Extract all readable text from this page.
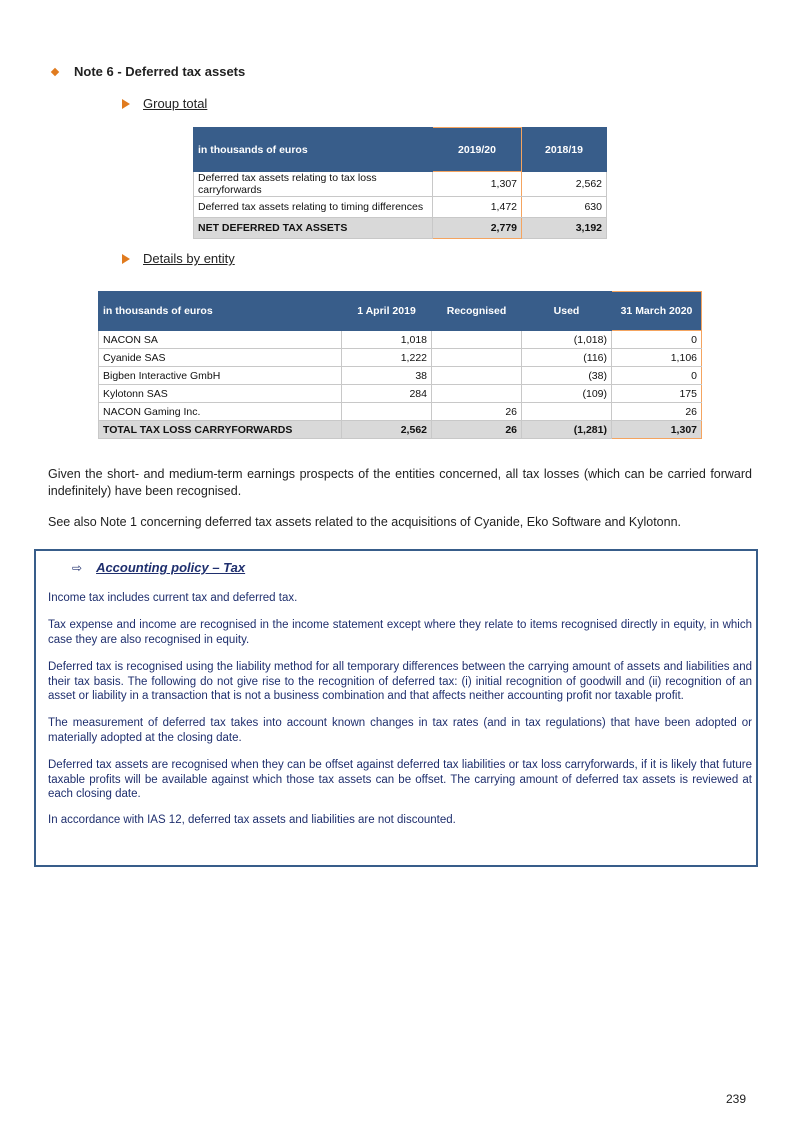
Note 6 - Deferred tax assets
Group total
in thousands of euros	2019/20	2018/19
Deferred tax assets relating to tax loss carryforwards	1,307	2,562
Deferred tax assets relating to timing differences	1,472	630
NET DEFERRED TAX ASSETS	2,779	3,192
Details by entity
in thousands of euros	1 April 2019	Recognised	Used	31 March 2020
NACON SA	1,018		(1,018)	0
Cyanide SAS	1,222		(116)	1,106
Bigben Interactive GmbH	38		(38)	0
Kylotonn SAS	284		(109)	175
NACON Gaming Inc.		26		26
TOTAL TAX LOSS CARRYFORWARDS	2,562	26	(1,281)	1,307
Given the short- and medium-term earnings prospects of the entities concerned, all tax losses (which can be carried forward indefinitely) have been recognised.
See also Note 1 concerning deferred tax assets related to the acquisitions of Cyanide, Eko Software and Kylotonn.
⇨ Accounting policy – Tax
Income tax includes current tax and deferred tax.
Tax expense and income are recognised in the income statement except where they relate to items recognised directly in equity, in which case they are also recognised in equity.
Deferred tax is recognised using the liability method for all temporary differences between the carrying amount of assets and liabilities and their tax basis. The following do not give rise to the recognition of deferred tax: (i) initial recognition of goodwill and (ii) recognition of an asset or liability in a transaction that is not a business combination and that affects neither accounting profit nor taxable profit.
The measurement of deferred tax takes into account known changes in tax rates (and in tax regulations) that have been adopted or materially adopted at the closing date.
Deferred tax assets are recognised when they can be offset against deferred tax liabilities or tax loss carryforwards, if it is likely that future taxable profits will be available against which those tax assets can be offset. The carrying amount of deferred tax assets is reviewed at each closing date.
In accordance with IAS 12, deferred tax assets and liabilities are not discounted.
239
